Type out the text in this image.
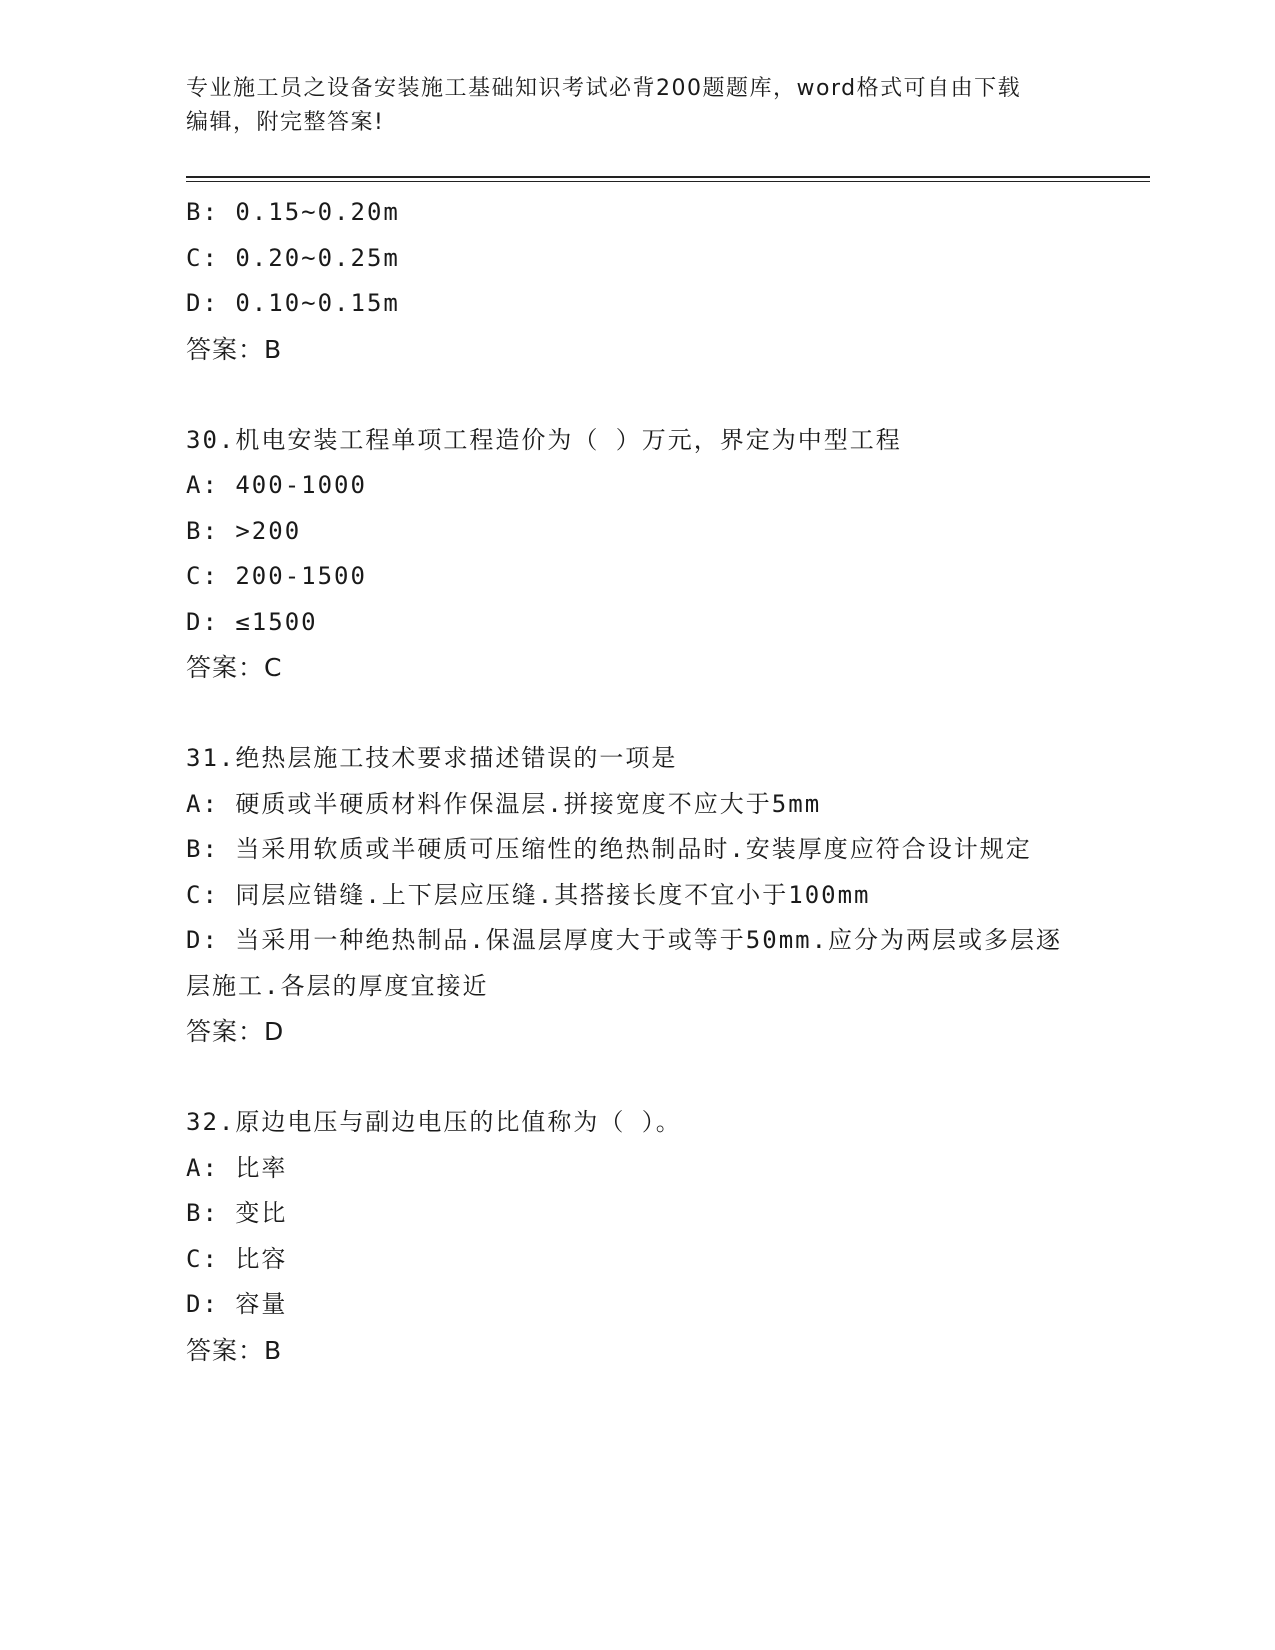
专业施工员之设备安装施工基础知识考试必背200题题库，word格式可自由下载
编辑，附完整答案!
B: 0.15~0.20m
C: 0.20~0.25m
D: 0.10~0.15m
答案：B
30.机电安装工程单项工程造价为（ ）万元，界定为中型工程
A: 400-1000
B: >200
C: 200-1500
D: ≤1500
答案：C
31.绝热层施工技术要求描述错误的一项是
A: 硬质或半硬质材料作保温层.拼接宽度不应大于5mm
B: 当采用软质或半硬质可压缩性的绝热制品时.安装厚度应符合设计规定
C: 同层应错缝.上下层应压缝.其搭接长度不宜小于100mm
D: 当采用一种绝热制品.保温层厚度大于或等于50mm.应分为两层或多层逐层施工.各层的厚度宜接近
答案：D
32.原边电压与副边电压的比值称为（ ）。
A: 比率
B: 变比
C: 比容
D: 容量
答案：B
